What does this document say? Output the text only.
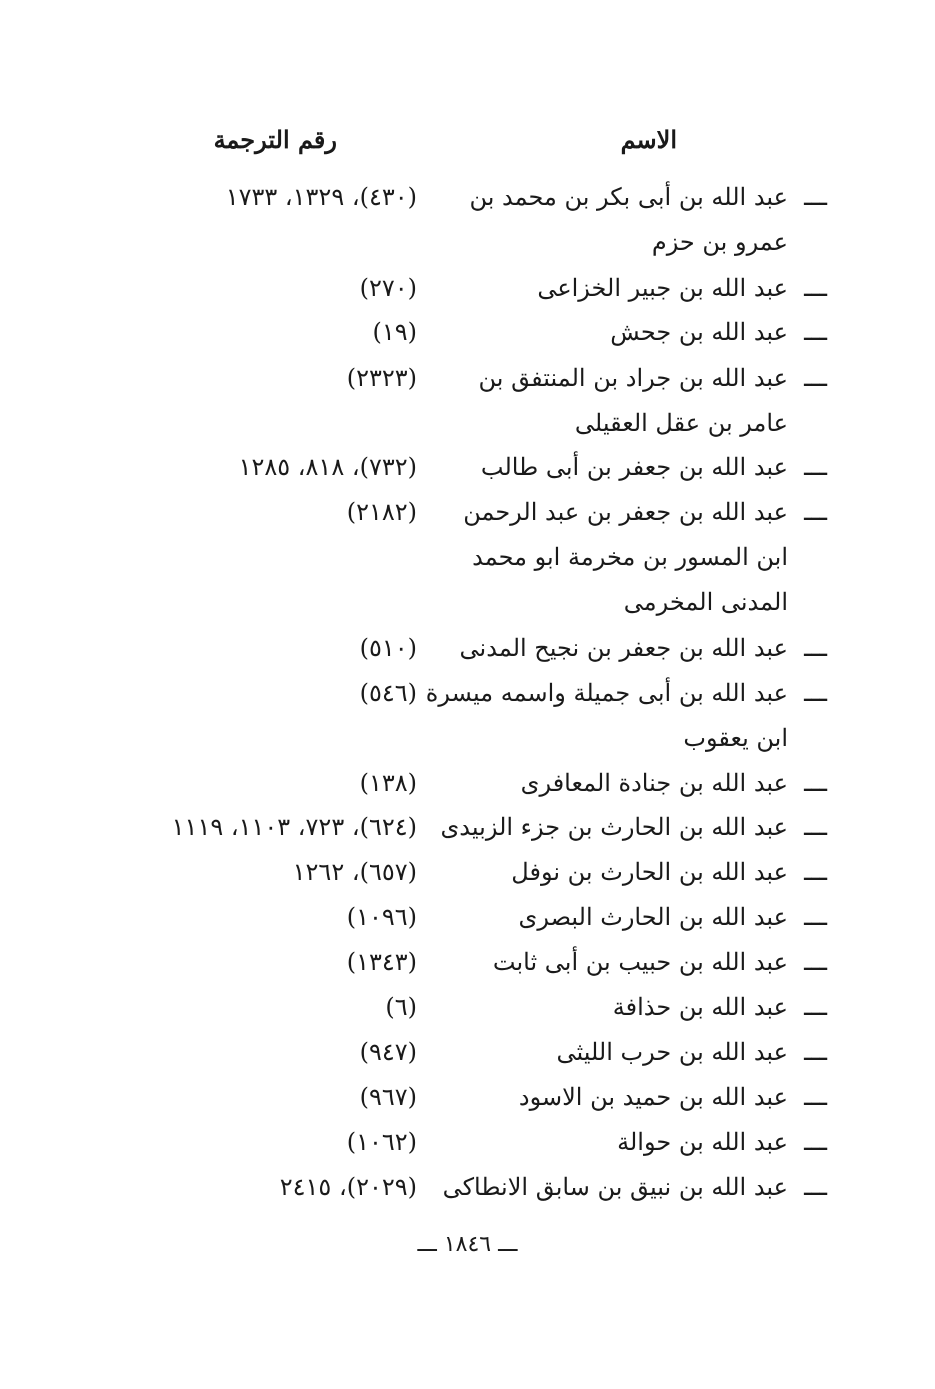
الاسم
رقم الترجمة
ـــ
عبد الله بن أبى بكر بن محمد بن
(٤٣٠)، ١٣٢٩، ١٧٣٣
عمرو بن حزم
ـــ
عبد الله بن جبير الخزاعى
(٢٧٠)
ـــ
عبد الله بن جحش
(١٩)
ـــ
عبد الله بن جراد بن المنتفق بن
(٢٣٢٣)
عامر بن عقل العقيلى
ـــ
عبد الله بن جعفر بن أبى طالب
(٧٣٢)، ٨١٨، ١٢٨٥
ـــ
عبد الله بن جعفر بن عبد الرحمن
(٢١٨٢)
ابن المسور بن مخرمة ابو محمد
المدنى المخرمى
ـــ
عبد الله بن جعفر بن نجيح المدنى
(٥١٠)
ـــ
عبد الله بن أبى جميلة واسمه ميسرة
(٥٤٦)
ابن يعقوب
ـــ
عبد الله بن جنادة المعافرى
(١٣٨)
ـــ
عبد الله بن الحارث بن جزء الزبيدى
(٦٢٤)، ٧٢٣، ١١٠٣، ١١١٩
ـــ
عبد الله بن الحارث بن نوفل
(٦٥٧)، ١٢٦٢
ـــ
عبد الله بن الحارث البصرى
(١٠٩٦)
ـــ
عبد الله بن حبيب بن أبى ثابت
(١٣٤٣)
ـــ
عبد الله بن حذافة
(٦)
ـــ
عبد الله بن حرب الليثى
(٩٤٧)
ـــ
عبد الله بن حميد بن الاسود
(٩٦٧)
ـــ
عبد الله بن حوالة
(١٠٦٢)
ـــ
عبد الله بن نبيق بن سابق الانطاكى
(٢٠٢٩)، ٢٤١٥
ـــ ١٨٤٦ ـــ
